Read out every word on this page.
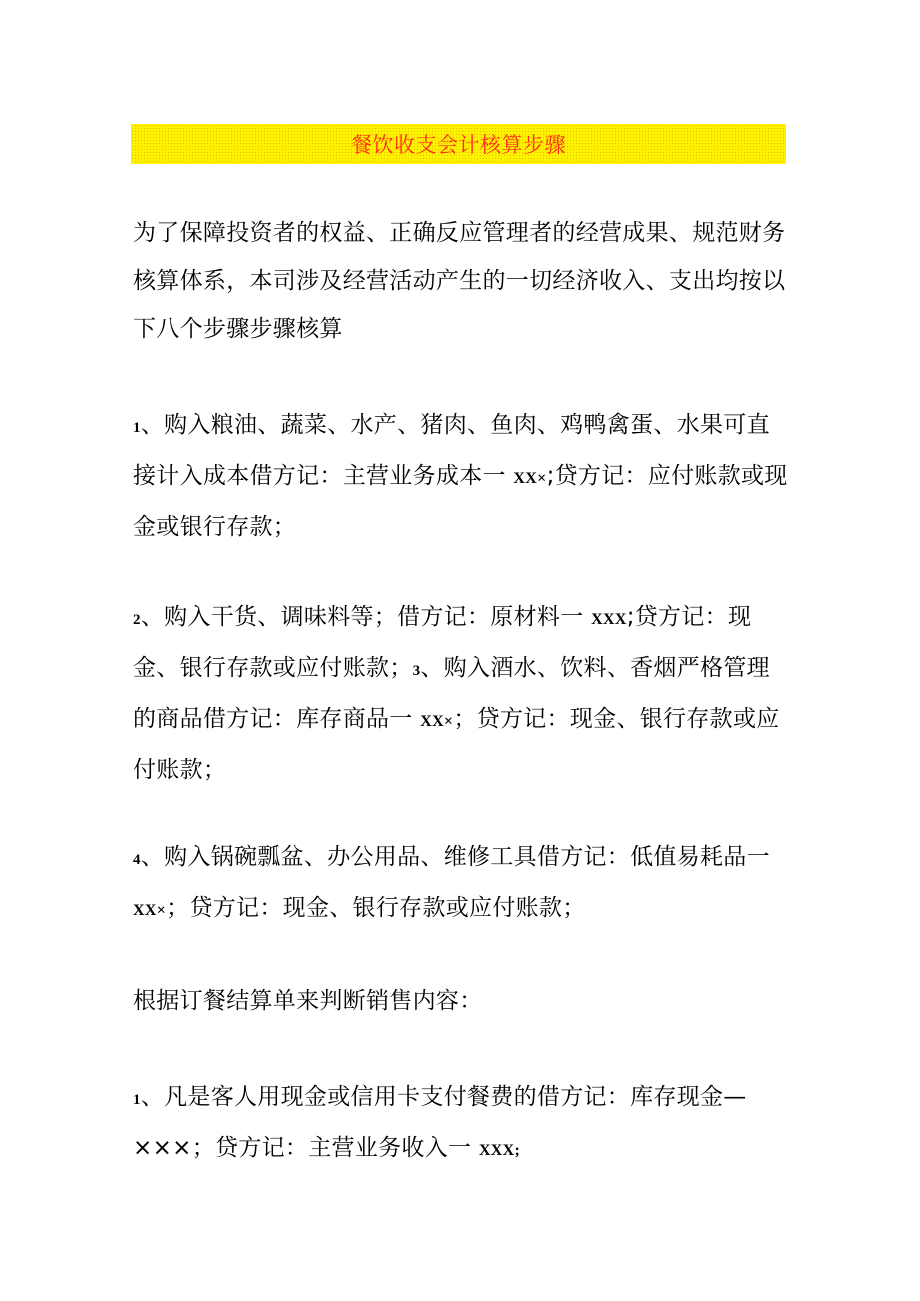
餐饮收支会计核算步骤

为了保障投资者的权益、正确反应管理者的经营成果、规范财务核算体系，本司涉及经营活动产生的一切经济收入、支出均按以下八个步骤步骤核算

1、购入粮油、蔬菜、水产、猪肉、鱼肉、鸡鸭禽蛋、水果可直接计入成本借方记：主营业务成本一 XX×;贷方记：应付账款或现金或银行存款；

2、购入干货、调味料等；借方记：原材料一 XXX;贷方记：现金、银行存款或应付账款；3、购入酒水、饮料、香烟严格管理的商品借方记：库存商品一 XX×；贷方记：现金、银行存款或应付账款；

4、购入锅碗瓢盆、办公用品、维修工具借方记：低值易耗品一XX×；贷方记：现金、银行存款或应付账款；

根据订餐结算单来判断销售内容：

1、凡是客人用现金或信用卡支付餐费的借方记：库存现金—×××；贷方记：主营业务收入一 XXX;
